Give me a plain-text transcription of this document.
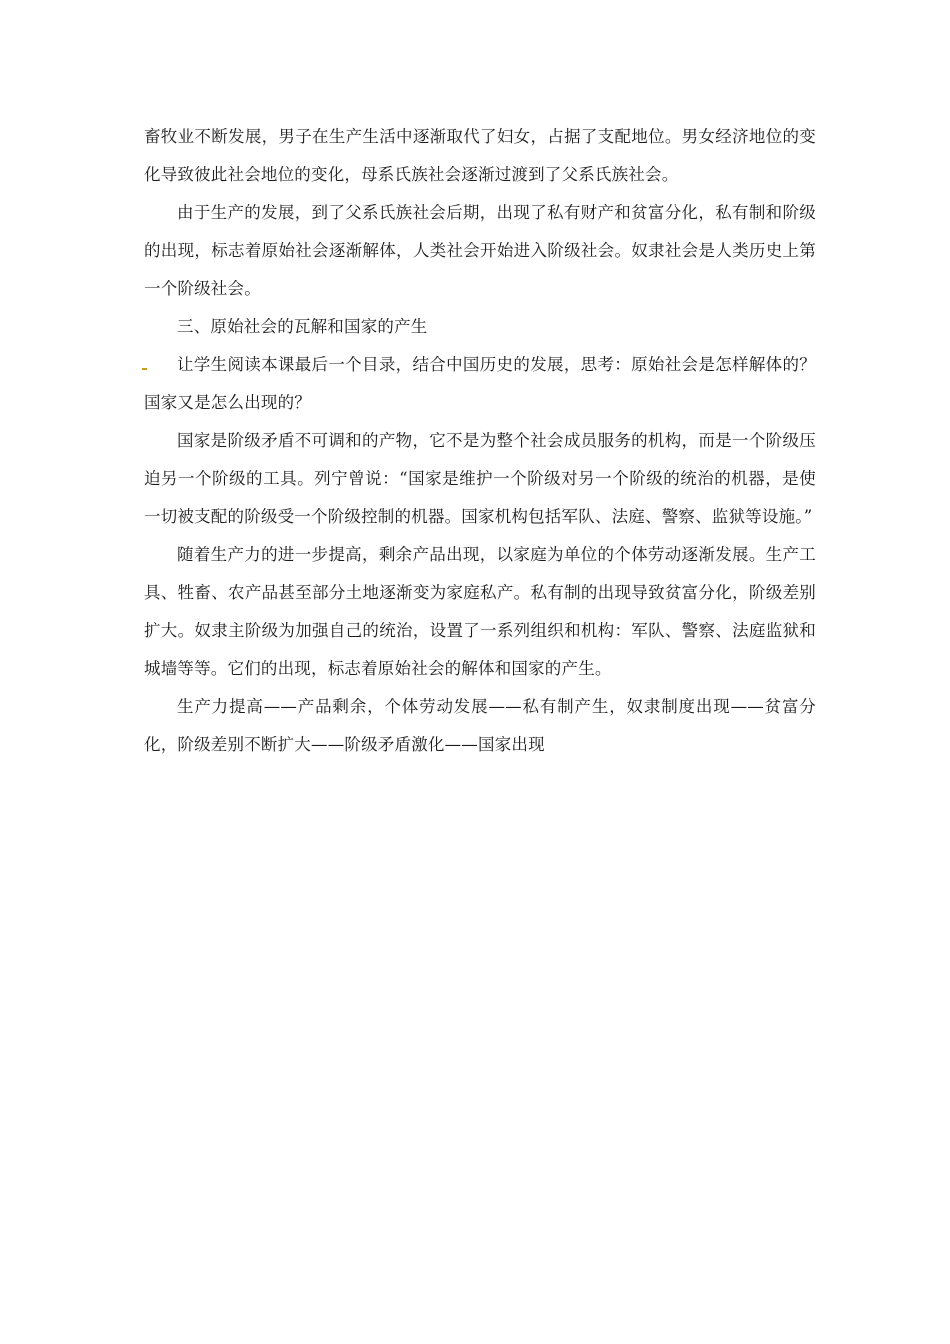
畜牧业不断发展，男子在生产生活中逐渐取代了妇女，占据了支配地位。男女经济地位的变化导致彼此社会地位的变化，母系氏族社会逐渐过渡到了父系氏族社会。

由于生产的发展，到了父系氏族社会后期，出现了私有财产和贫富分化，私有制和阶级的出现，标志着原始社会逐渐解体，人类社会开始进入阶级社会。奴隶社会是人类历史上第一个阶级社会。

三、原始社会的瓦解和国家的产生

让学生阅读本课最后一个目录，结合中国历史的发展，思考：原始社会是怎样解体的？国家又是怎么出现的？

国家是阶级矛盾不可调和的产物，它不是为整个社会成员服务的机构，而是一个阶级压迫另一个阶级的工具。列宁曾说：“国家是维护一个阶级对另一个阶级的统治的机器，是使一切被支配的阶级受一个阶级控制的机器。国家机构包括军队、法庭、警察、监狱等设施。”

随着生产力的进一步提高，剩余产品出现，以家庭为单位的个体劳动逐渐发展。生产工具、牲畜、农产品甚至部分土地逐渐变为家庭私产。私有制的出现导致贫富分化，阶级差别扩大。奴隶主阶级为加强自己的统治，设置了一系列组织和机构：军队、警察、法庭监狱和城墙等等。它们的出现，标志着原始社会的解体和国家的产生。

生产力提高——产品剩余，个体劳动发展——私有制产生，奴隶制度出现——贫富分化，阶级差别不断扩大——阶级矛盾激化——国家出现
